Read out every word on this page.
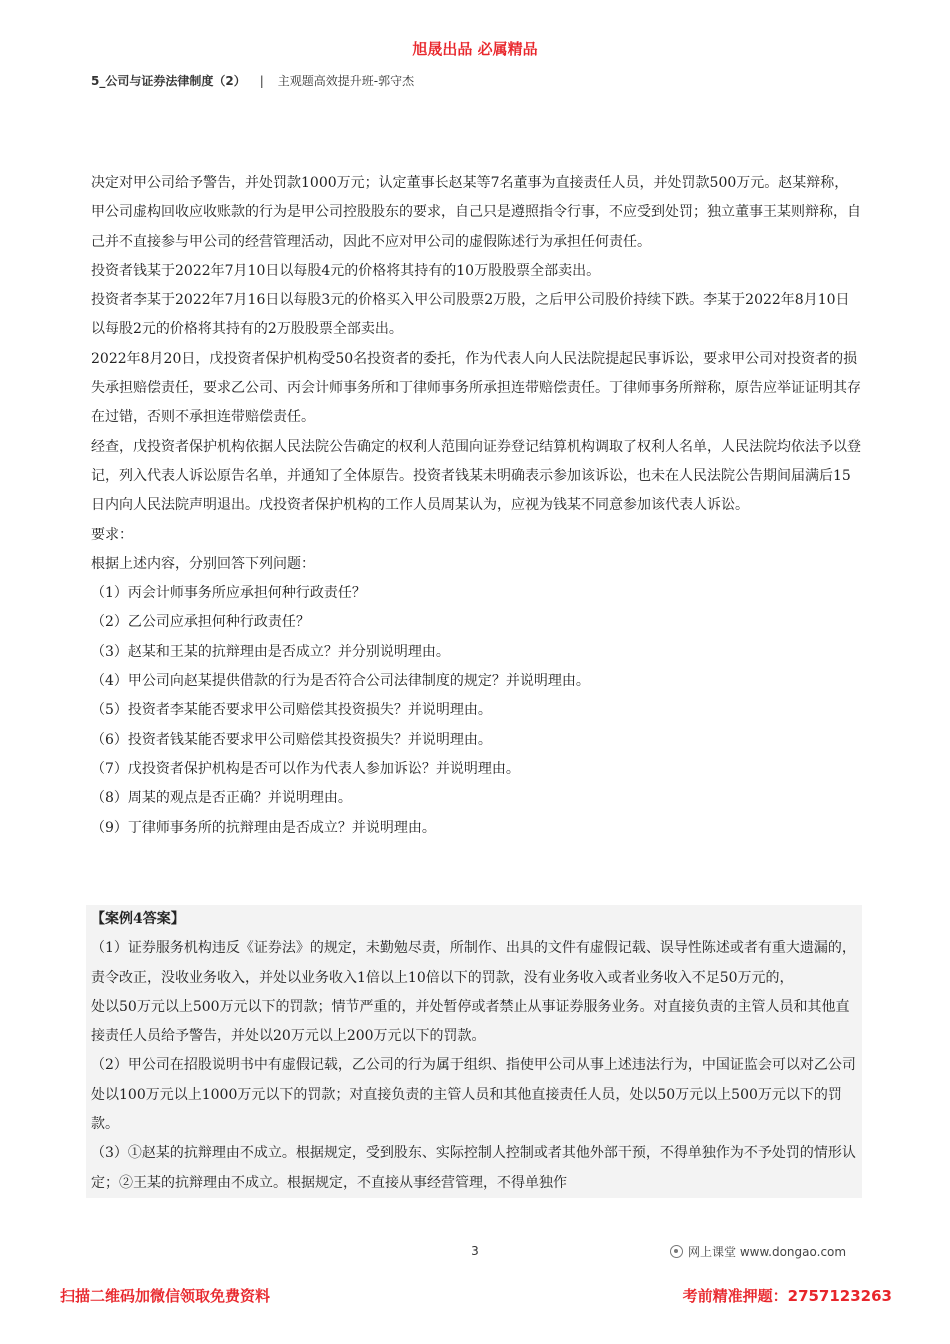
旭晟出品 必属精品
5_公司与证券法律制度（2） | 主观题高效提升班-郭守杰

决定对甲公司给予警告，并处罚款1000万元；认定董事长赵某等7名董事为直接责任人员，并处罚款500万元。赵某辩称，甲公司虚构回收应收账款的行为是甲公司控股股东的要求，自己只是遵照指令行事，不应受到处罚；独立董事王某则辩称，自己并不直接参与甲公司的经营管理活动，因此不应对甲公司的虚假陈述行为承担任何责任。

投资者钱某于2022年7月10日以每股4元的价格将其持有的10万股股票全部卖出。

投资者李某于2022年7月16日以每股3元的价格买入甲公司股票2万股，之后甲公司股价持续下跌。李某于2022年8月10日以每股2元的价格将其持有的2万股股票全部卖出。

2022年8月20日，戊投资者保护机构受50名投资者的委托，作为代表人向人民法院提起民事诉讼，要求甲公司对投资者的损失承担赔偿责任，要求乙公司、丙会计师事务所和丁律师事务所承担连带赔偿责任。丁律师事务所辩称，原告应举证证明其存在过错，否则不承担连带赔偿责任。

经查，戊投资者保护机构依据人民法院公告确定的权利人范围向证券登记结算机构调取了权利人名单，人民法院均依法予以登记，列入代表人诉讼原告名单，并通知了全体原告。投资者钱某未明确表示参加该诉讼，也未在人民法院公告期间届满后15日内向人民法院声明退出。戊投资者保护机构的工作人员周某认为，应视为钱某不同意参加该代表人诉讼。

要求：

根据上述内容，分别回答下列问题：

（1）丙会计师事务所应承担何种行政责任？

（2）乙公司应承担何种行政责任？

（3）赵某和王某的抗辩理由是否成立？并分别说明理由。

（4）甲公司向赵某提供借款的行为是否符合公司法律制度的规定？并说明理由。

（5）投资者李某能否要求甲公司赔偿其投资损失？并说明理由。

（6）投资者钱某能否要求甲公司赔偿其投资损失？并说明理由。

（7）戊投资者保护机构是否可以作为代表人参加诉讼？并说明理由。

（8）周某的观点是否正确？并说明理由。

（9）丁律师事务所的抗辩理由是否成立？并说明理由。

【案例4答案】

（1）证券服务机构违反《证券法》的规定，未勤勉尽责，所制作、出具的文件有虚假记载、误导性陈述或者有重大遗漏的，责令改正，没收业务收入，并处以业务收入1倍以上10倍以下的罚款，没有业务收入或者业务收入不足50万元的，

处以50万元以上500万元以下的罚款；情节严重的，并处暂停或者禁止从事证券服务业务。对直接负责的主管人员和其他直接责任人员给予警告，并处以20万元以上200万元以下的罚款。

（2）甲公司在招股说明书中有虚假记载，乙公司的行为属于组织、指使甲公司从事上述违法行为，中国证监会可以对乙公司处以100万元以上1000万元以下的罚款；对直接负责的主管人员和其他直接责任人员，处以50万元以上500万元以下的罚款。

（3）①赵某的抗辩理由不成立。根据规定，受到股东、实际控制人控制或者其他外部干预，不得单独作为不予处罚的情形认定；②王某的抗辩理由不成立。根据规定，不直接从事经营管理，不得单独作

3	网上课堂 www.dongao.com
扫描二维码加微信领取免费资料	考前精准押题：2757123263
